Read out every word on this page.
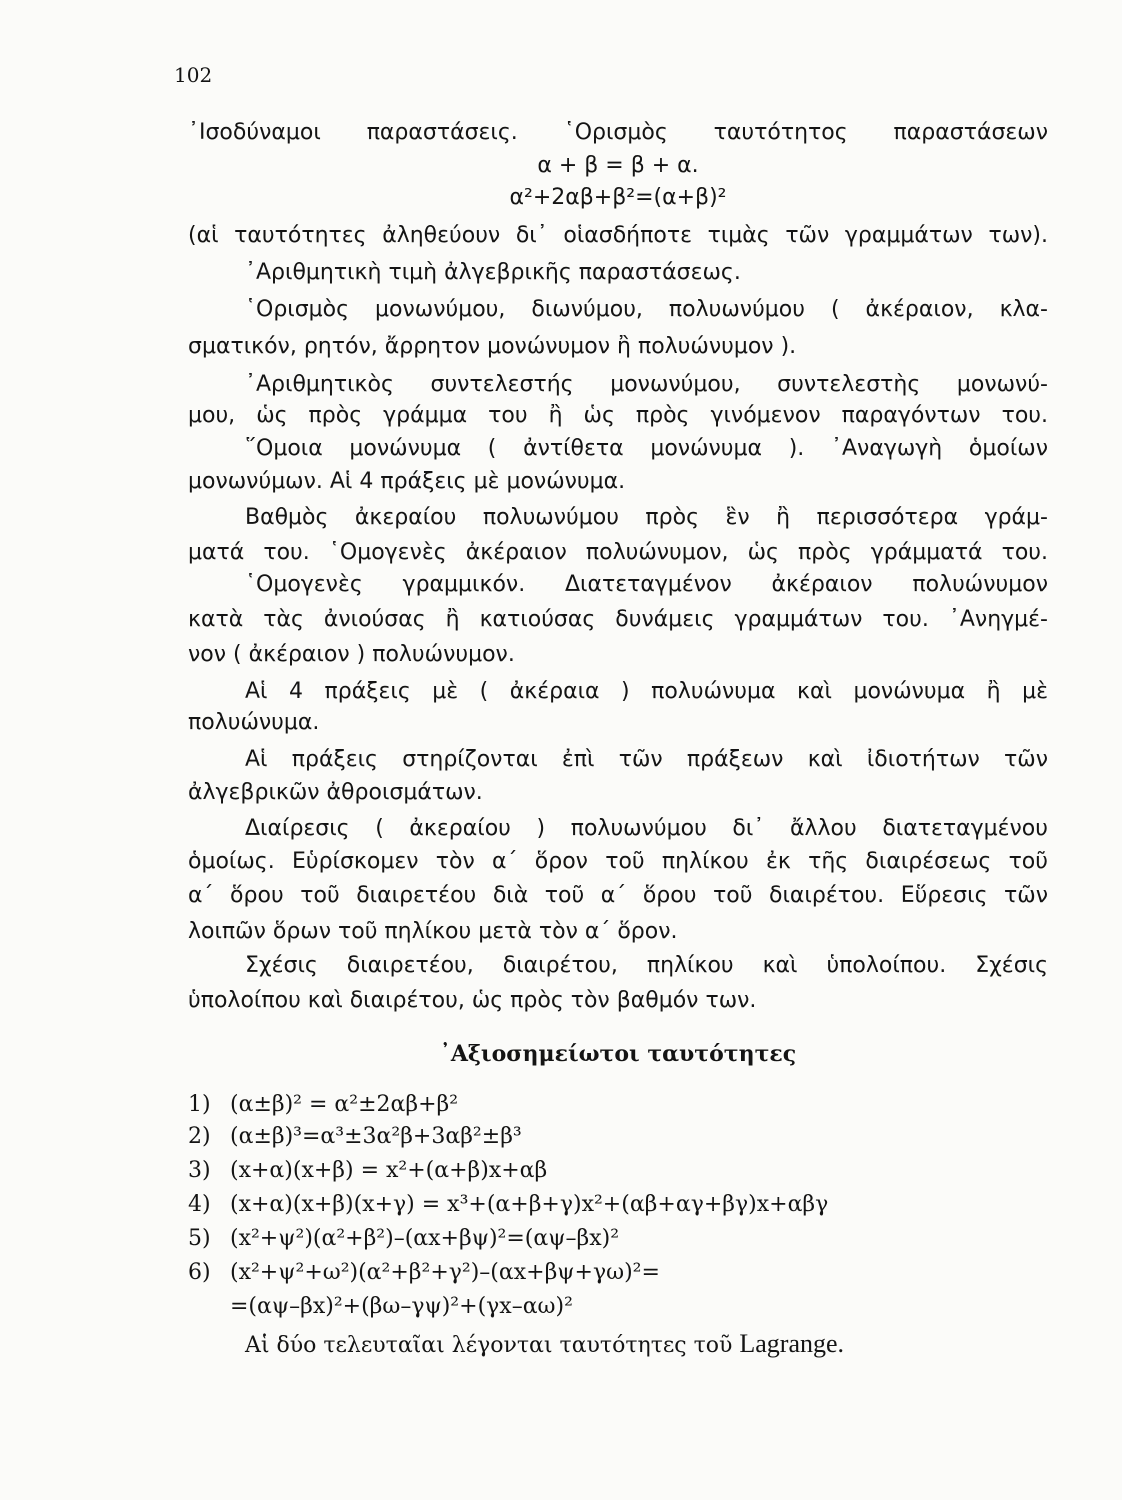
102
᾿Ισοδύναμοι παραστάσεις. ῾Ορισμὸς ταυτότητος παραστάσεων
α + β = β + α.
α²+2αβ+β²=(α+β)²
(αἱ ταυτότητες ἀληθεύουν δι᾿ οἱασδήποτε τιμὰς τῶν γραμμάτων των).
᾿Αριθμητικὴ τιμὴ ἀλγεβρικῆς παραστάσεως.
῾Ορισμὸς μονωνύμου, διωνύμου, πολυωνύμου ( ἀκέραιον, κλα-
σματικόν, ρητόν, ἄρρητον μονώνυμον ἢ πολυώνυμον ).
᾿Αριθμητικὸς συντελεστής μονωνύμου, συντελεστὴς μονωνύ-
μου, ὡς πρὸς γράμμα του ἢ ὡς πρὸς γινόμενον παραγόντων του.
῞Ομοια μονώνυμα ( ἀντίθετα μονώνυμα ). ᾿Αναγωγὴ ὁμοίων
μονωνύμων. Αἱ 4 πράξεις μὲ μονώνυμα.
Βαθμὸς ἀκεραίου πολυωνύμου πρὸς ἓν ἢ περισσότερα γράμ-
ματά του. ῾Ομογενὲς ἀκέραιον πολυώνυμον, ὡς πρὸς γράμματά του.
῾Ομογενὲς γραμμικόν. Διατεταγμένον ἀκέραιον πολυώνυμον
κατὰ τὰς ἀνιούσας ἢ κατιούσας δυνάμεις γραμμάτων του. ᾿Ανηγμέ-
νον ( ἀκέραιον ) πολυώνυμον.
Αἱ 4 πράξεις μὲ ( ἀκέραια ) πολυώνυμα καὶ μονώνυμα ἢ μὲ
πολυώνυμα.
Αἱ πράξεις στηρίζονται ἐπὶ τῶν πράξεων καὶ ἰδιοτήτων τῶν
ἀλγεβρικῶν ἀθροισμάτων.
Διαίρεσις ( ἀκεραίου ) πολυωνύμου δι᾿ ἄλλου διατεταγμένου
ὁμοίως. Εὑρίσκομεν τὸν α΄ ὅρον τοῦ πηλίκου ἐκ τῆς διαιρέσεως τοῦ
α΄ ὅρου τοῦ διαιρετέου διὰ τοῦ α΄ ὅρου τοῦ διαιρέτου. Εὕρεσις τῶν
λοιπῶν ὅρων τοῦ πηλίκου μετὰ τὸν α΄ ὅρον.
Σχέσις διαιρετέου, διαιρέτου, πηλίκου καὶ ὑπολοίπου. Σχέσις
ὑπολοίπου καὶ διαιρέτου, ὡς πρὸς τὸν βαθμόν των.
᾿Αξιοσημείωτοι ταυτότητες
1) (α±β)² = α²±2αβ+β²
2) (α±β)³=α³±3α²β+3αβ²±β³
3) (x+α)(x+β) = x²+(α+β)x+αβ
4) (x+α)(x+β)(x+γ) = x³+(α+β+γ)x²+(αβ+αγ+βγ)x+αβγ
5) (x²+ψ²)(α²+β²)–(αx+βψ)²=(αψ–βx)²
6) (x²+ψ²+ω²)(α²+β²+γ²)–(αx+βψ+γω)²=
=(αψ–βx)²+(βω–γψ)²+(γx–αω)²
Αἱ δύο τελευταῖαι λέγονται ταυτότητες τοῦ Lagrange.
